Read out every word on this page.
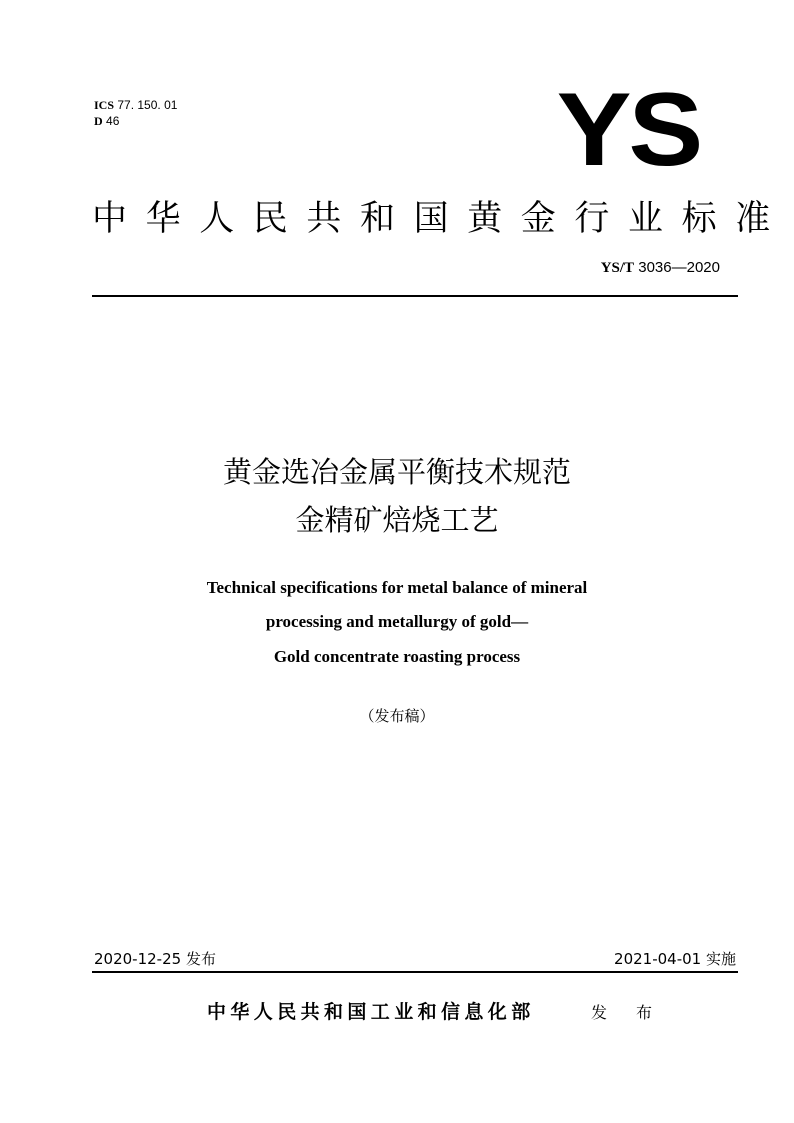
ICS 77. 150. 01
D 46	YS
中华人民共和国黄金行业标准
YS/T 3036—2020
黄金选冶金属平衡技术规范
金精矿焙烧工艺
Technical specifications for metal balance of mineral
processing and metallurgy of gold—
Gold concentrate roasting process
（发布稿）
2020-12-25 发布	2021-04-01 实施
中华人民共和国工业和信息化部	发布
